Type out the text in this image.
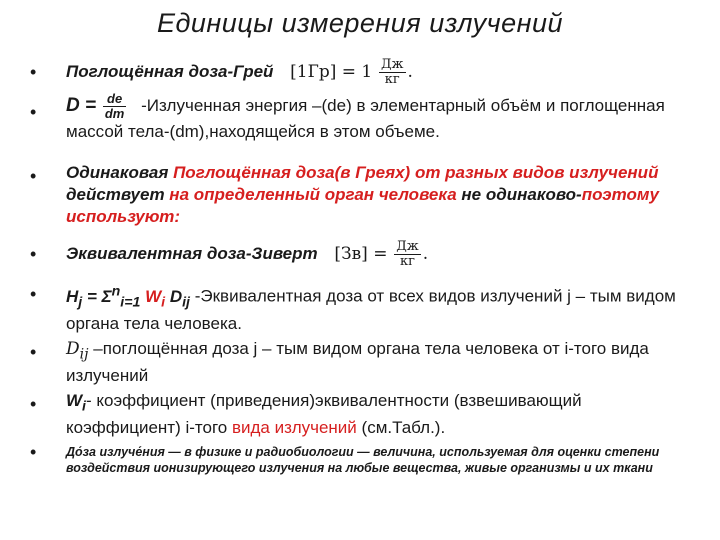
Единицы измерения излучений
• Поглощённая доза-Грей $[1Гр] = 1 \frac{Дж}{кг}$ .
• $D = \frac{de}{dm}$ -Излученная энергия –(de) в элементарный объём и поглощенная массой тела-(dm),находящейся в этом объеме.
• Одинаковая Поглощённая доза(в Греях) от разных видов излучений действует на определенный орган человека не одинаково-поэтому используют:
• Эквивалентная доза-Зиверт $[Зв] = \frac{Дж}{кг}$ .
• $H_j = \Sigma^n_{i=1}$ $W_i$ $D_{ij}$ -Эквивалентная доза от всех видов излучений j – тым видом органа тела человека.
• $D_{ij}$ –поглощённая доза j – тым видом органа тела человека от i-того вида излучений
• $W_i-$ коэффициент (приведения)эквивалентности (взвешивающий коэффициент) i-того вида излучений (см.Табл.).
• До́за излуче́ния — в физике и радиобиологии — величина, используемая для оценки степени воздействия ионизирующего излучения на любые вещества, живые организмы и их ткани
